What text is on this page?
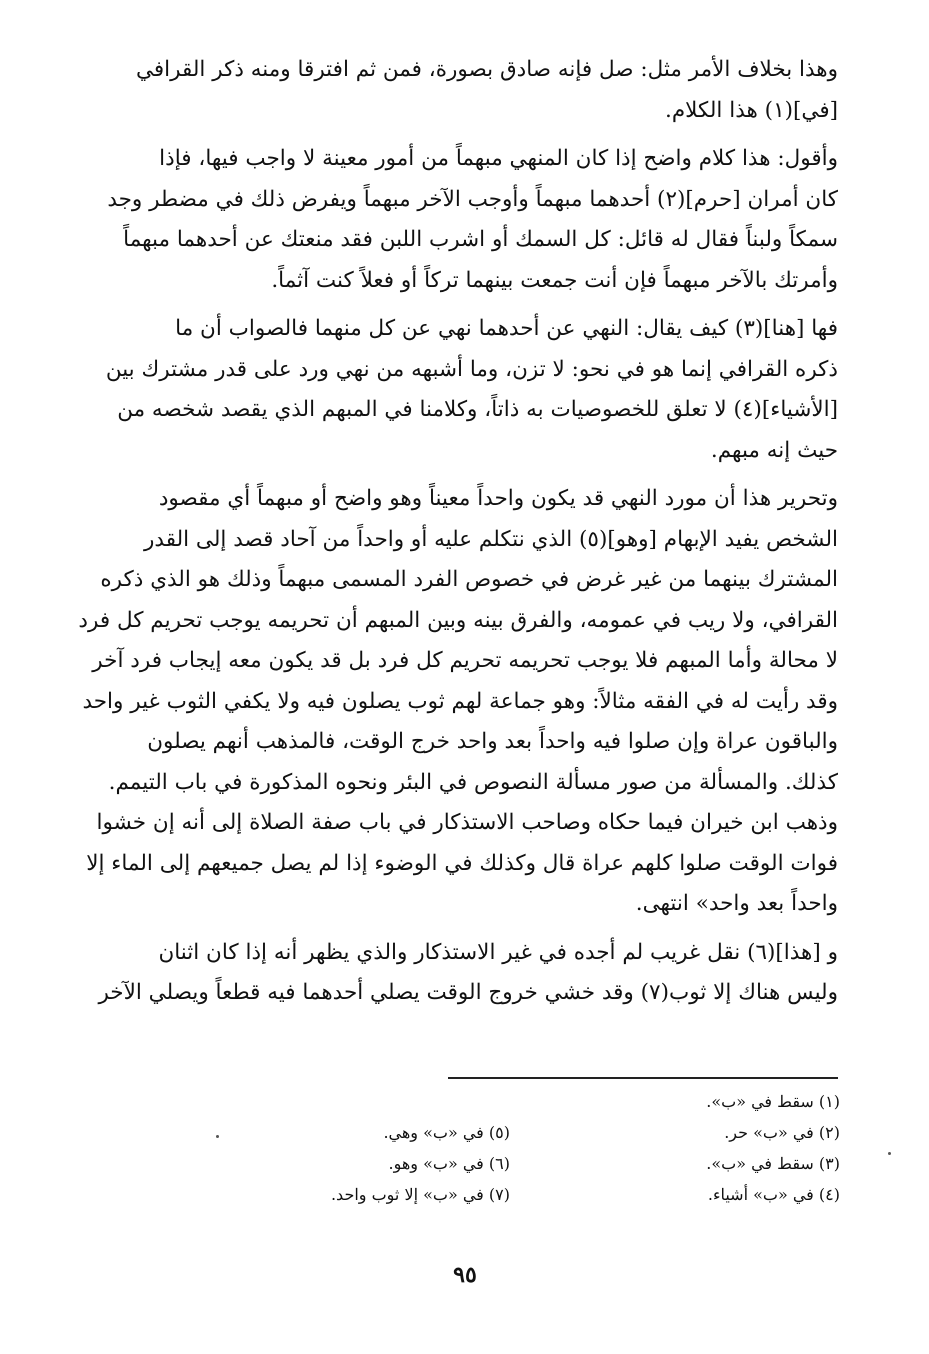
وهذا بخلاف الأمر مثل: صل فإنه صادق بصورة، فمن ثم افترقا ومنه ذكر القرافي

[في](١) هذا الكلام.

وأقول: هذا كلام واضح إذا كان المنهي مبهماً من أمور معينة لا واجب فيها، فإذا

كان أمران [حرم](٢) أحدهما مبهماً وأوجب الآخر مبهماً ويفرض ذلك في مضطر وجد

سمكاً ولبناً فقال له قائل: كل السمك أو اشرب اللبن فقد منعتك عن أحدهما مبهماً

وأمرتك بالآخر مبهماً فإن أنت جمعت بينهما تركاً أو فعلاً كنت آثماً.

فها [هنا](٣) كيف يقال: النهي عن أحدهما نهي عن كل منهما فالصواب أن ما

ذكره القرافي إنما هو في نحو: لا تزن، وما أشبهه من نهي ورد على قدر مشترك بين

[الأشياء](٤) لا تعلق للخصوصيات به ذاتاً، وكلامنا في المبهم الذي يقصد شخصه من

حيث إنه مبهم.

وتحرير هذا أن مورد النهي قد يكون واحداً معيناً وهو واضح أو مبهماً أي مقصود

الشخص يفيد الإبهام [وهو](٥) الذي نتكلم عليه أو واحداً من آحاد قصد إلى القدر

المشترك بينهما من غير غرض في خصوص الفرد المسمى مبهماً وذلك هو الذي ذكره

القرافي، ولا ريب في عمومه، والفرق بينه وبين المبهم أن تحريمه يوجب تحريم كل فرد

لا محالة وأما المبهم فلا يوجب تحريمه تحريم كل فرد بل قد يكون معه إيجاب فرد آخر

وقد رأيت له في الفقه مثالاً: وهو جماعة لهم ثوب يصلون فيه ولا يكفي الثوب غير واحد

والباقون عراة وإن صلوا فيه واحداً بعد واحد خرج الوقت، فالمذهب أنهم يصلون

كذلك. والمسألة من صور مسألة النصوص في البئر ونحوه المذكورة في باب التيمم.

وذهب ابن خيران فيما حكاه وصاحب الاستذكار في باب صفة الصلاة إلى أنه إن خشوا

فوات الوقت صلوا كلهم عراة قال وكذلك في الوضوء إذا لم يصل جميعهم إلى الماء إلا

واحداً بعد واحد» انتهى.

و [هذا](٦) نقل غريب لم أجده في غير الاستذكار والذي يظهر أنه إذا كان اثنان

وليس هناك إلا ثوب(٧) وقد خشي خروج الوقت يصلي أحدهما فيه قطعاً ويصلي الآخر

(١) سقط في «ب».
(٢) في «ب» حر.
(٥) في «ب» وهي.
(٣) سقط في «ب».
(٦) في «ب» وهو.
(٤) في «ب» أشياء.
(٧) في «ب» إلا ثوب واحد.
٩٥
